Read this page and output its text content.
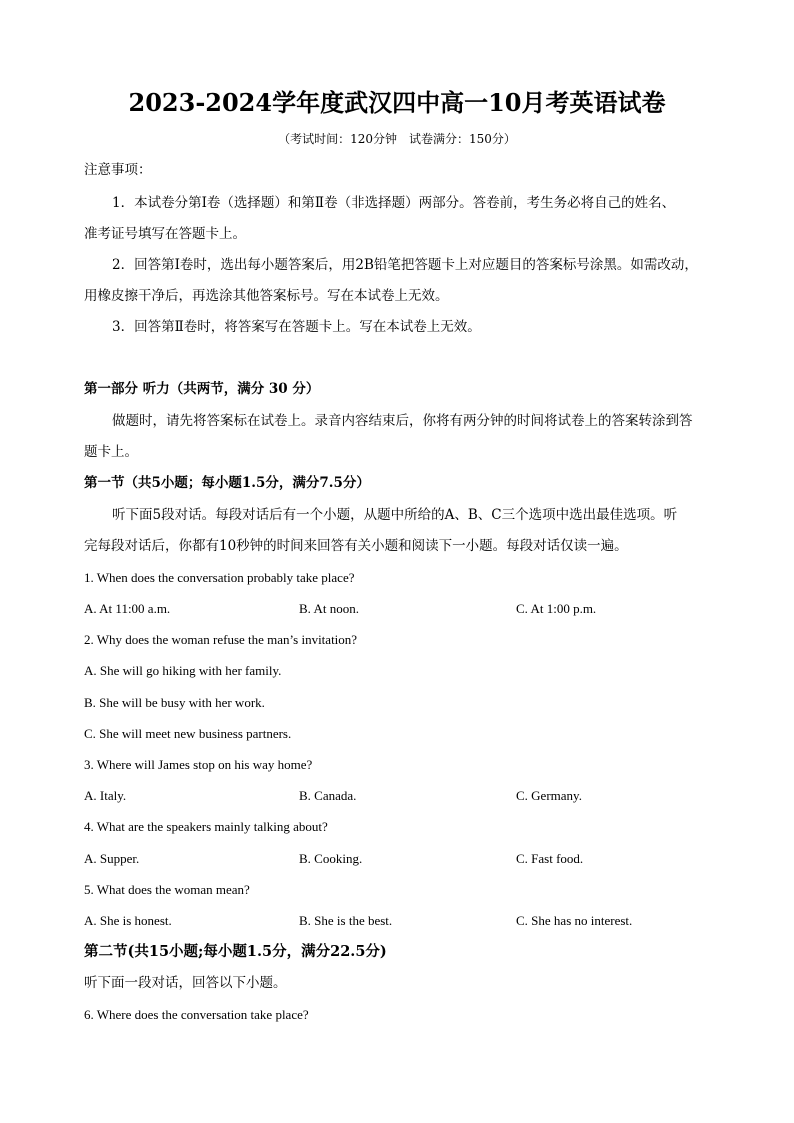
2023-2024学年度武汉四中高一10月考英语试卷
（考试时间：120分钟　试卷满分：150分）
注意事项：
1．本试卷分第Ⅰ卷（选择题）和第Ⅱ卷（非选择题）两部分。答卷前，考生务必将自己的姓名、
准考证号填写在答题卡上。
2．回答第Ⅰ卷时，选出每小题答案后，用2B铅笔把答题卡上对应题目的答案标号涂黑。如需改动，
用橡皮擦干净后，再选涂其他答案标号。写在本试卷上无效。
3．回答第Ⅱ卷时，将答案写在答题卡上。写在本试卷上无效。
第一部分 听力（共两节，满分 30 分）
做题时，请先将答案标在试卷上。录音内容结束后，你将有两分钟的时间将试卷上的答案转涂到答
题卡上。
第一节（共5小题；每小题1.5分，满分7.5分）
听下面5段对话。每段对话后有一个小题，从题中所给的A、B、C三个选项中选出最佳选项。听
完每段对话后，你都有10秒钟的时间来回答有关小题和阅读下一小题。每段对话仅读一遍。
1. When does the conversation probably take place?
A. At 11:00 a.m.	B. At noon.	C. At 1:00 p.m.
2. Why does the woman refuse the man’s invitation?
A. She will go hiking with her family.
B. She will be busy with her work.
C. She will meet new business partners.
3. Where will James stop on his way home?
A. Italy.	B. Canada.	C. Germany.
4. What are the speakers mainly talking about?
A. Supper.	B. Cooking.	C. Fast food.
5. What does the woman mean?
A. She is honest.	B. She is the best.	C. She has no interest.
第二节(共15小题;每小题1.5分，满分22.5分)
听下面一段对话，回答以下小题。
6. Where does the conversation take place?
